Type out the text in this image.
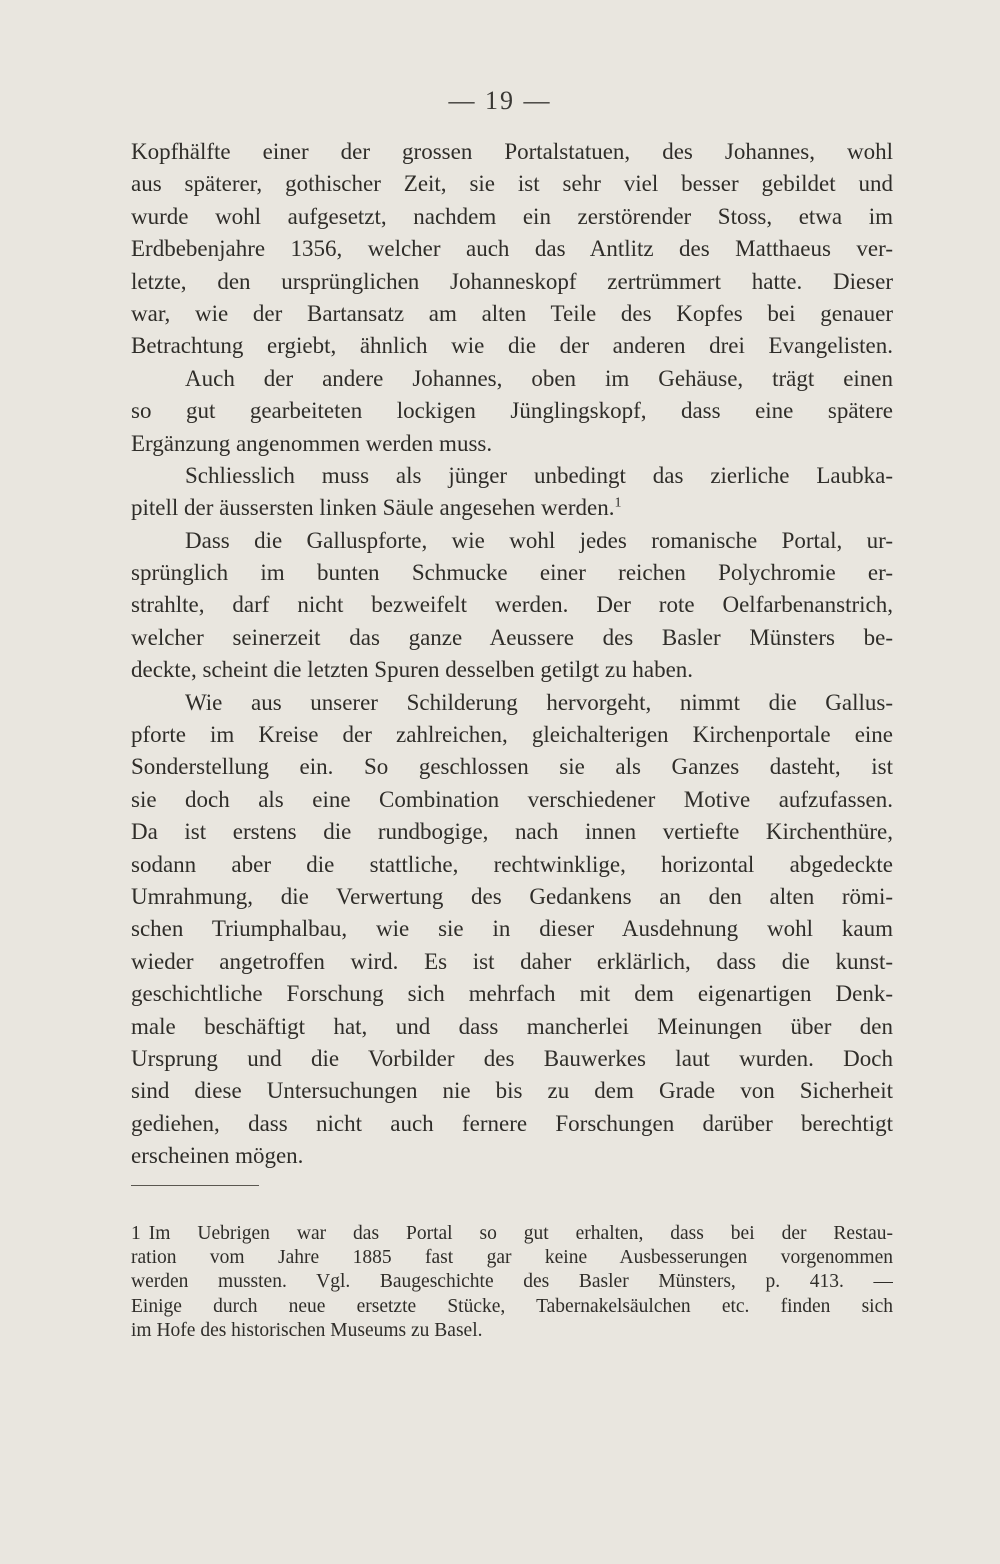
— 19 —
Kopfhälfte einer der grossen Portalstatuen, des Johannes, wohl
aus späterer, gothischer Zeit, sie ist sehr viel besser gebildet und
wurde wohl aufgesetzt, nachdem ein zerstörender Stoss, etwa im
Erdbebenjahre 1356, welcher auch das Antlitz des Matthaeus ver-
letzte, den ursprünglichen Johanneskopf zertrümmert hatte. Dieser
war, wie der Bartansatz am alten Teile des Kopfes bei genauer
Betrachtung ergiebt, ähnlich wie die der anderen drei Evangelisten.
Auch der andere Johannes, oben im Gehäuse, trägt einen
so gut gearbeiteten lockigen Jünglingskopf, dass eine spätere
Ergänzung angenommen werden muss.
Schliesslich muss als jünger unbedingt das zierliche Laubka-
pitell der äussersten linken Säule angesehen werden.$^1$
Dass die Galluspforte, wie wohl jedes romanische Portal, ur-
sprünglich im bunten Schmucke einer reichen Polychromie er-
strahlte, darf nicht bezweifelt werden. Der rote Oelfarbenanstrich,
welcher seinerzeit das ganze Aeussere des Basler Münsters be-
deckte, scheint die letzten Spuren desselben getilgt zu haben.
Wie aus unserer Schilderung hervorgeht, nimmt die Gallus-
pforte im Kreise der zahlreichen, gleichalterigen Kirchenportale eine
Sonderstellung ein. So geschlossen sie als Ganzes dasteht, ist
sie doch als eine Combination verschiedener Motive aufzufassen.
Da ist erstens die rundbogige, nach innen vertiefte Kirchenthüre,
sodann aber die stattliche, rechtwinklige, horizontal abgedeckte
Umrahmung, die Verwertung des Gedankens an den alten römi-
schen Triumphalbau, wie sie in dieser Ausdehnung wohl kaum
wieder angetroffen wird. Es ist daher erklärlich, dass die kunst-
geschichtliche Forschung sich mehrfach mit dem eigenartigen Denk-
male beschäftigt hat, und dass mancherlei Meinungen über den
Ursprung und die Vorbilder des Bauwerkes laut wurden. Doch
sind diese Untersuchungen nie bis zu dem Grade von Sicherheit
gediehen, dass nicht auch fernere Forschungen darüber berechtigt
erscheinen mögen.
1 Im Uebrigen war das Portal so gut erhalten, dass bei der Restau-
ration vom Jahre 1885 fast gar keine Ausbesserungen vorgenommen
werden mussten. Vgl. Baugeschichte des Basler Münsters, p. 413. —
Einige durch neue ersetzte Stücke, Tabernakelsäulchen etc. finden sich
im Hofe des historischen Museums zu Basel.
